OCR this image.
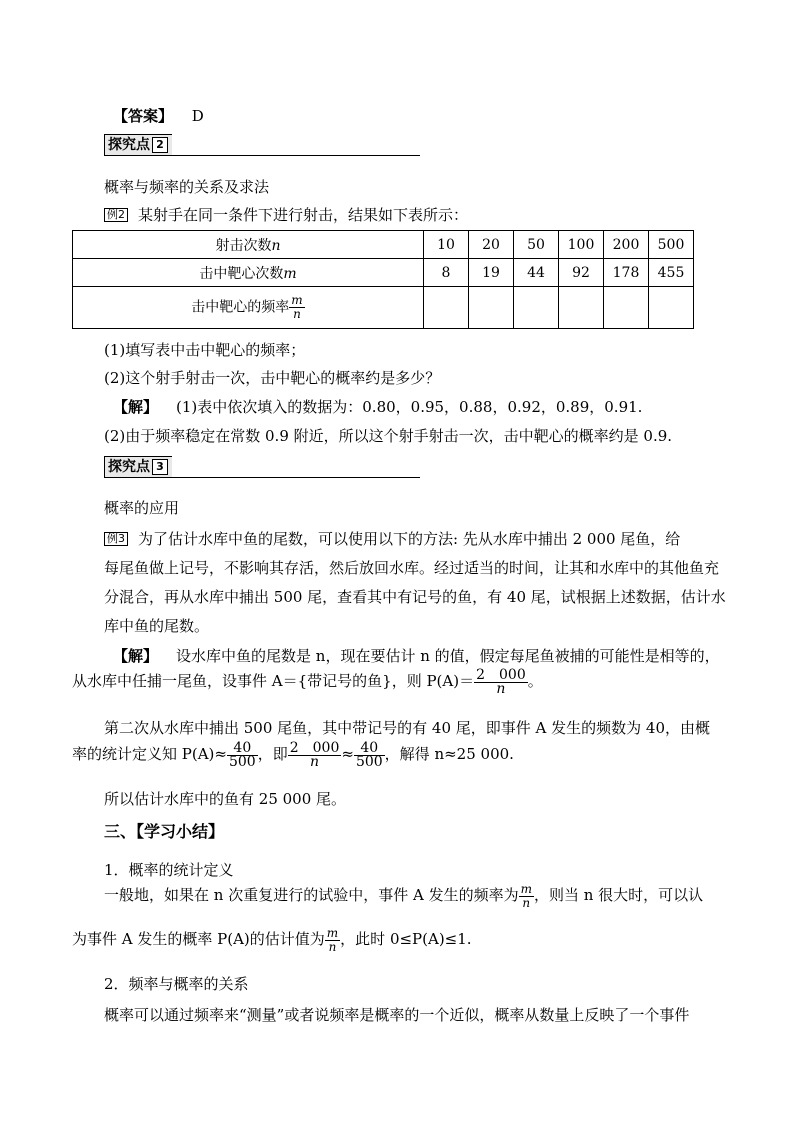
【答案】 D
探究点 2
概率与频率的关系及求法
例2 某射手在同一条件下进行射击，结果如下表所示：
射击次数n	10	20	50	100	200	500
击中靶心次数m	8	19	44	92	178	455
击中靶心的频率 $\frac{m}{n}$

(1)填写表中击中靶心的频率；
(2)这个射手射击一次，击中靶心的概率约是多少？
【解】 (1)表中依次填入的数据为：0.80，0.95，0.88，0.92，0.89，0.91.
(2)由于频率稳定在常数 0.9 附近，所以这个射手射击一次，击中靶心的概率约是 0.9.
探究点 3
概率的应用
例3 为了估计水库中鱼的尾数，可以使用以下的方法: 先从水库中捕出 2 000 尾鱼，给
每尾鱼做上记号，不影响其存活，然后放回水库。经过适当的时间，让其和水库中的其他鱼充
分混合，再从水库中捕出 500 尾，查看其中有记号的鱼，有 40 尾，试根据上述数据，估计水
库中鱼的尾数。
【解】 设水库中鱼的尾数是 n，现在要估计 n 的值，假定每尾鱼被捕的可能性是相等的，
从水库中任捕一尾鱼，设事件 A＝{带记号的鱼}，则 $P(A)= \frac{2 000}{n}$ 。
第二次从水库中捕出 500 尾鱼，其中带记号的有 40 尾，即事件 A 发生的频数为 40，由概
率的统计定义知 $P(A)\approx \frac{40}{500}$ ，即 $\frac{2 000}{n} \approx \frac{40}{500}$ ，解得 n≈25 000.
所以估计水库中的鱼有 25 000 尾。
三、【学习小结】
1．概率的统计定义
一般地，如果在 n 次重复进行的试验中，事件 A 发生的频率为 $\frac{m}{n}$ ，则当 n 很大时，可以认
为事件 A 发生的概率 P(A)的估计值为 $\frac{m}{n}$ ，此时 0≤P(A)≤1.
2．频率与概率的关系
概率可以通过频率来“测量”或者说频率是概率的一个近似，概率从数量上反映了一个事件
